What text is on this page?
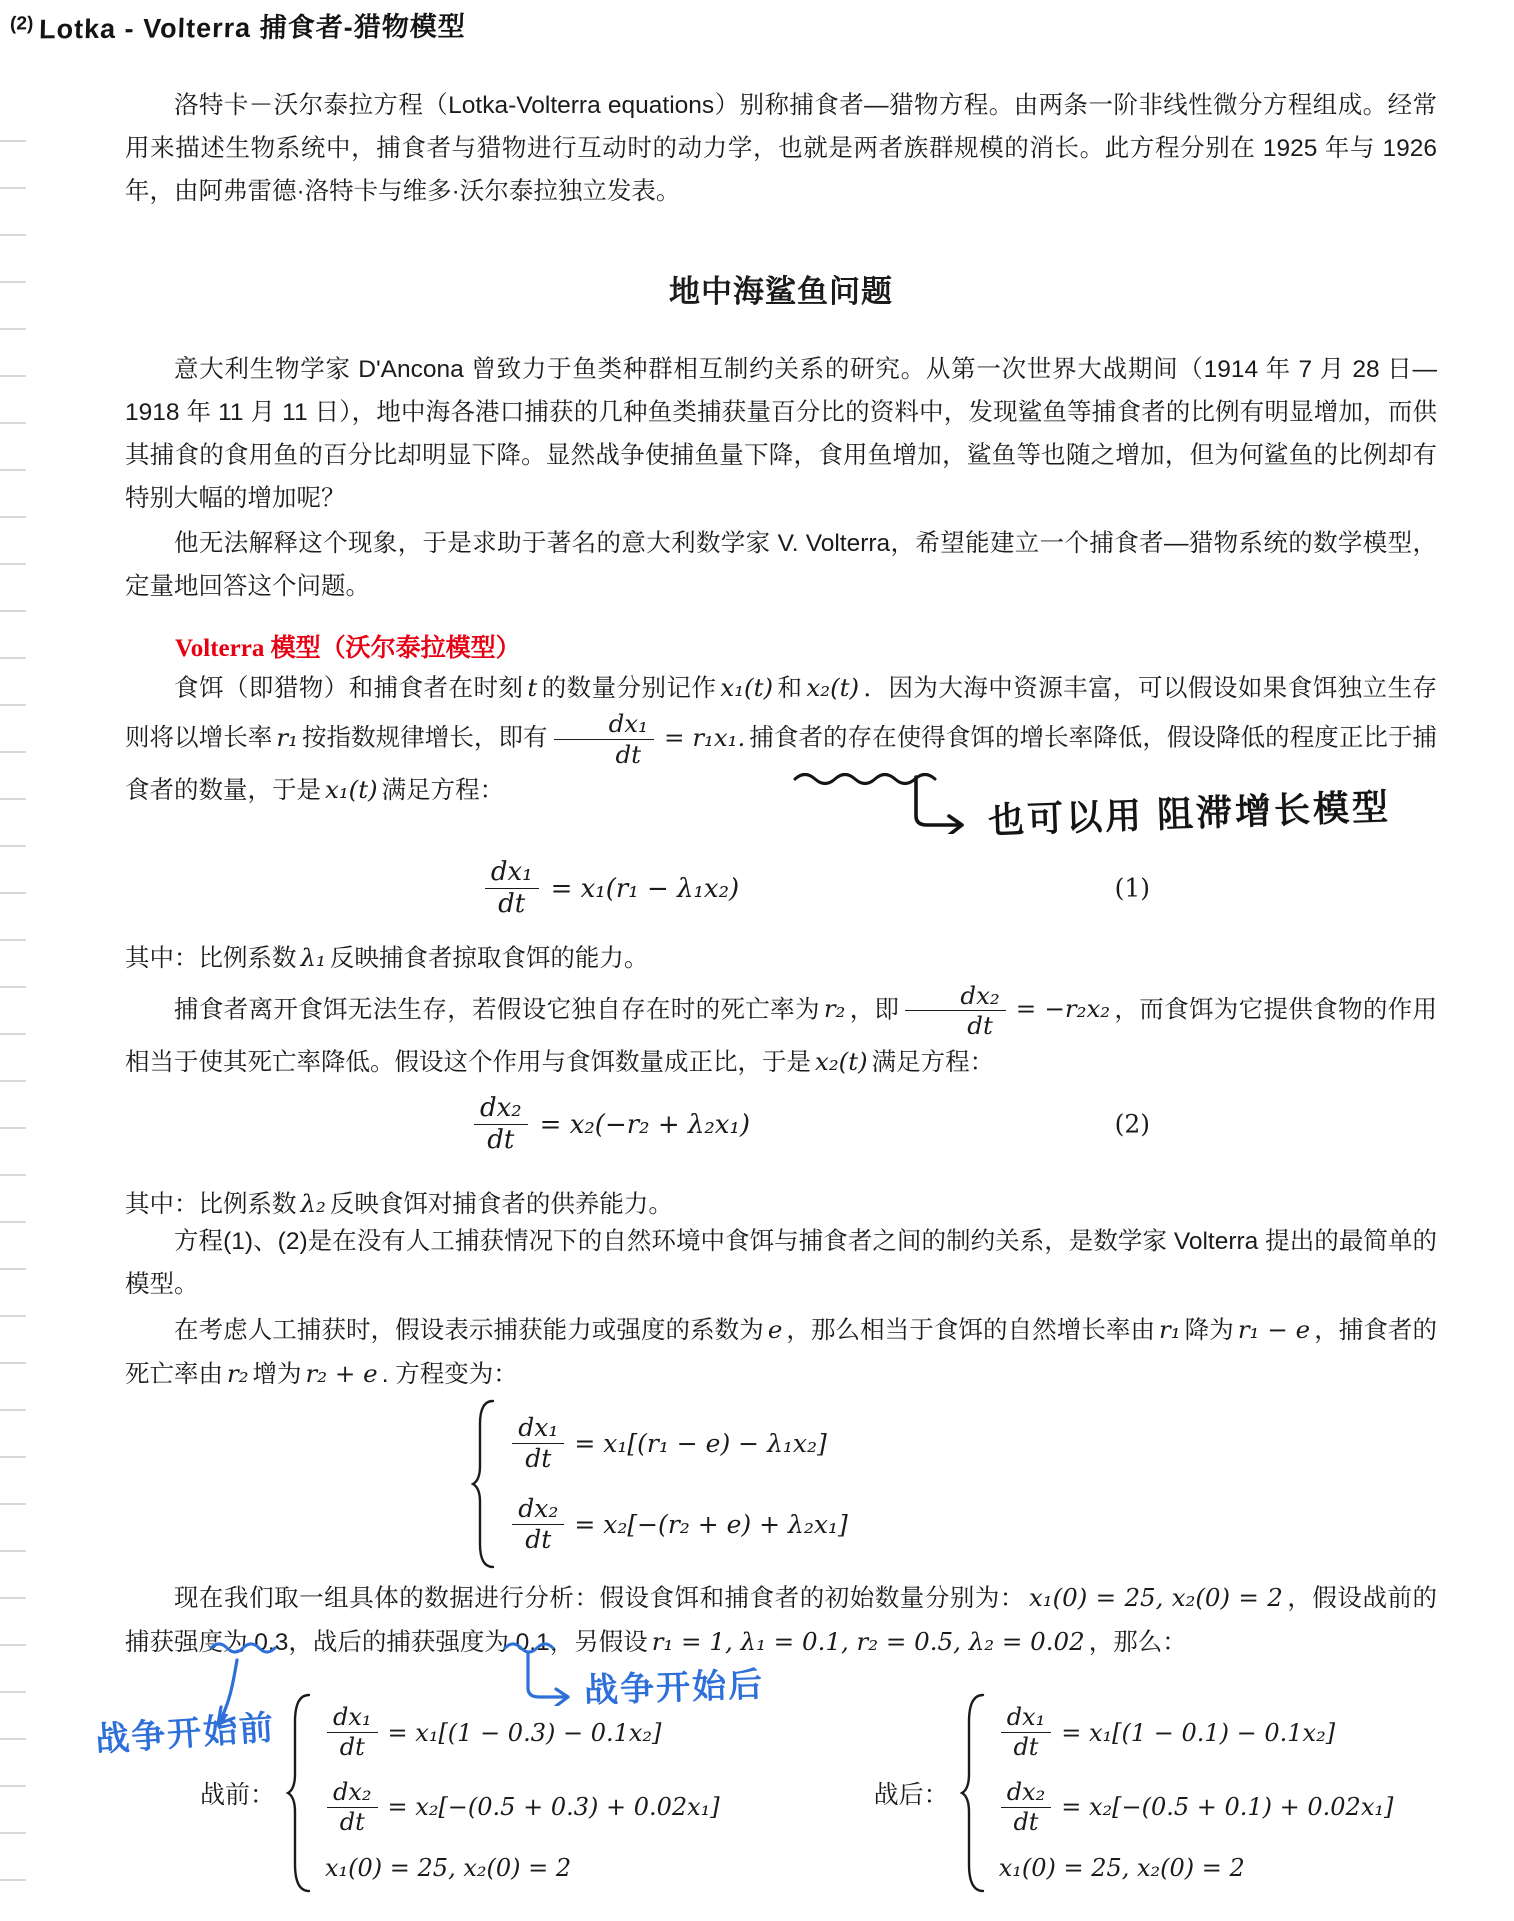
$^{(2)}$ Lotka - Volterra 捕食者-猎物模型

洛特卡－沃尔泰拉方程（Lotka-Volterra equations）别称捕食者—猎物方程。由两条一阶非线性微分方程组成。经常用来描述生物系统中，捕食者与猎物进行互动时的动力学，也就是两者族群规模的消长。此方程分别在 1925 年与 1926 年，由阿弗雷德·洛特卡与维多·沃尔泰拉独立发表。

地中海鲨鱼问题

意大利生物学家 D'Ancona 曾致力于鱼类种群相互制约关系的研究。从第一次世界大战期间（1914 年 7 月 28 日— 1918 年 11 月 11 日），地中海各港口捕获的几种鱼类捕获量百分比的资料中，发现鲨鱼等捕食者的比例有明显增加，而供其捕食的食用鱼的百分比却明显下降。显然战争使捕鱼量下降，食用鱼增加，鲨鱼等也随之增加，但为何鲨鱼的比例却有特别大幅的增加呢？

他无法解释这个现象，于是求助于著名的意大利数学家 V. Volterra，希望能建立一个捕食者—猎物系统的数学模型，定量地回答这个问题。

Volterra 模型（沃尔泰拉模型）

食饵（即猎物）和捕食者在时刻 t 的数量分别记作 x₁(t) 和 x₂(t) ．因为大海中资源丰富，可以假设如果食饵独立生存则将以增长率 r₁ 按指数规律增长，即有 $\frac{\text{dx₁}}{dt} = r_1x_1$. 捕食者的存在使得食饵的增长率降低，假设降低的程度正比于捕食者的数量，于是 x₁(t) 满足方程：

$\frac{\text{dx₁}}{dt} = x_1(r_1 - \lambda_1x_2)$	(1)

其中：比例系数 λ₁ 反映捕食者掠取食饵的能力。

捕食者离开食饵无法生存，若假设它独自存在时的死亡率为 r₂ ，即 $\frac{\text{dx₂}}{dt} = -r_2x_2$ ，而食饵为它提供食物的作用相当于使其死亡率降低。假设这个作用与食饵数量成正比，于是 x₂(t) 满足方程：

$\frac{\text{dx₂}}{dt} = x_2(-r_2 + \lambda_2x_1)$	(2)

其中：比例系数 λ₂ 反映食饵对捕食者的供养能力。

方程(1)、(2)是在没有人工捕获情况下的自然环境中食饵与捕食者之间的制约关系，是数学家 Volterra 提出的最简单的模型。

在考虑人工捕获时，假设表示捕获能力或强度的系数为 e ，那么相当于食饵的自然增长率由 r₁ 降为 r₁ − e ，捕食者的死亡率由 r₂ 增为 r₂ + e . 方程变为：

$\frac{\text{dx₁}}{dt} = x_1[(r_1 - e) - \lambda_1x_2]$
$\frac{\text{dx₂}}{dt} = x_2[-(r_2 + e) + \lambda_2x_1]$

现在我们取一组具体的数据进行分析：假设食饵和捕食者的初始数量分别为： x₁(0) = 25, x₂(0) = 2 ，假设战前的捕获强度为 0.3，战后的捕获强度为 0.1，另假设 r₁ = 1, λ₁ = 0.1, r₂ = 0.5, λ₂ = 0.02 ，那么：

战前：
$\frac{\text{dx₁}}{dt} = x_1[(1 - 0.3) - 0.1x_2]$
$\frac{\text{dx₂}}{dt} = x_2[-(0.5 + 0.3) + 0.02x_1]$
x₁(0) = 25, x₂(0) = 2
战后：
$\frac{\text{dx₁}}{dt} = x_1[(1 - 0.1) - 0.1x_2]$
$\frac{\text{dx₂}}{dt} = x_2[-(0.5 + 0.1) + 0.02x_1]$
x₁(0) = 25, x₂(0) = 2
也可以用 阻滞增长模型
战争开始前
战争开始后
